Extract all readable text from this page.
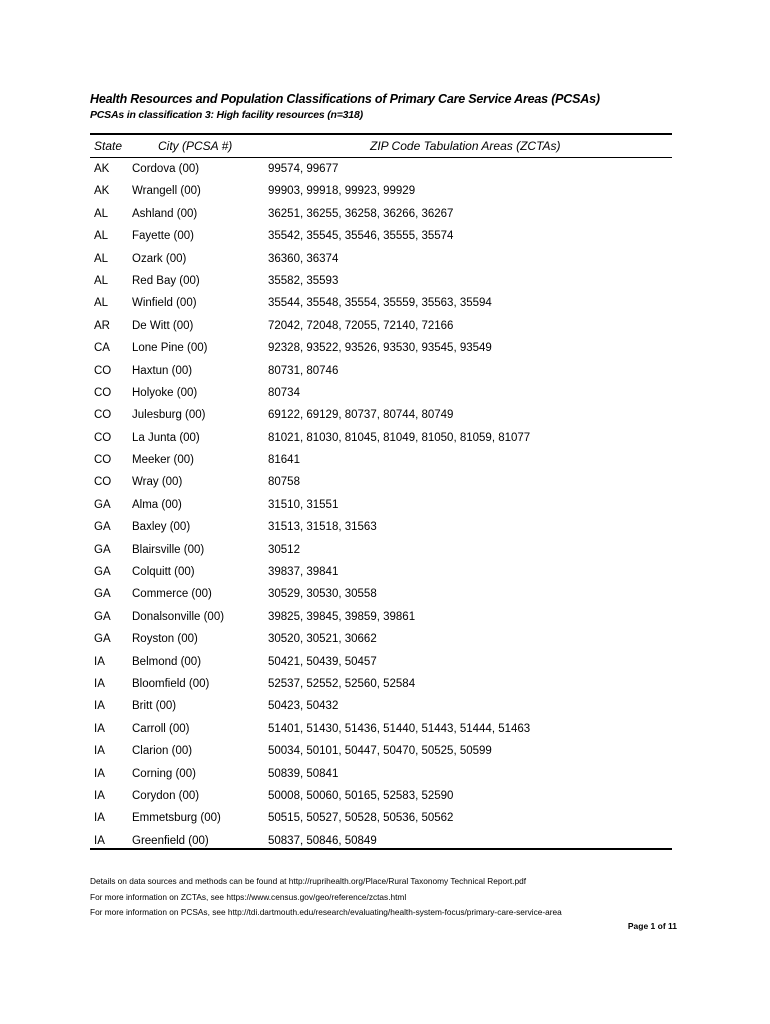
Health Resources and Population Classifications of Primary Care Service Areas (PCSAs)
PCSAs in classification 3: High facility resources (n=318)
State	City (PCSA #)	ZIP Code Tabulation Areas (ZCTAs)
AK Cordova (00)	99574, 99677
AK Wrangell (00)	99903, 99918, 99923, 99929
AL Ashland (00)	36251, 36255, 36258, 36266, 36267
AL Fayette (00)	35542, 35545, 35546, 35555, 35574
AL Ozark (00)	36360, 36374
AL Red Bay (00)	35582, 35593
AL Winfield (00)	35544, 35548, 35554, 35559, 35563, 35594
AR De Witt (00)	72042, 72048, 72055, 72140, 72166
CA Lone Pine (00)	92328, 93522, 93526, 93530, 93545, 93549
CO Haxtun (00)	80731, 80746
CO Holyoke (00)	80734
CO Julesburg (00)	69122, 69129, 80737, 80744, 80749
CO La Junta (00)	81021, 81030, 81045, 81049, 81050, 81059, 81077
CO Meeker (00)	81641
CO Wray (00)	80758
GA Alma (00)	31510, 31551
GA Baxley (00)	31513, 31518, 31563
GA Blairsville (00)	30512
GA Colquitt (00)	39837, 39841
GA Commerce (00)	30529, 30530, 30558
GA Donalsonville (00)	39825, 39845, 39859, 39861
GA Royston (00)	30520, 30521, 30662
IA Belmond (00)	50421, 50439, 50457
IA Bloomfield (00)	52537, 52552, 52560, 52584
IA Britt (00)	50423, 50432
IA Carroll (00)	51401, 51430, 51436, 51440, 51443, 51444, 51463
IA Clarion (00)	50034, 50101, 50447, 50470, 50525, 50599
IA Corning (00)	50839, 50841
IA Corydon (00)	50008, 50060, 50165, 52583, 52590
IA Emmetsburg (00)	50515, 50527, 50528, 50536, 50562
IA Greenfield (00)	50837, 50846, 50849
Details on data sources and methods can be found at http://ruprihealth.org/Place/Rural Taxonomy Technical Report.pdf
For more information on ZCTAs, see https://www.census.gov/geo/reference/zctas.html
For more information on PCSAs, see http://tdi.dartmouth.edu/research/evaluating/health-system-focus/primary-care-service-area
Page 1 of 11
